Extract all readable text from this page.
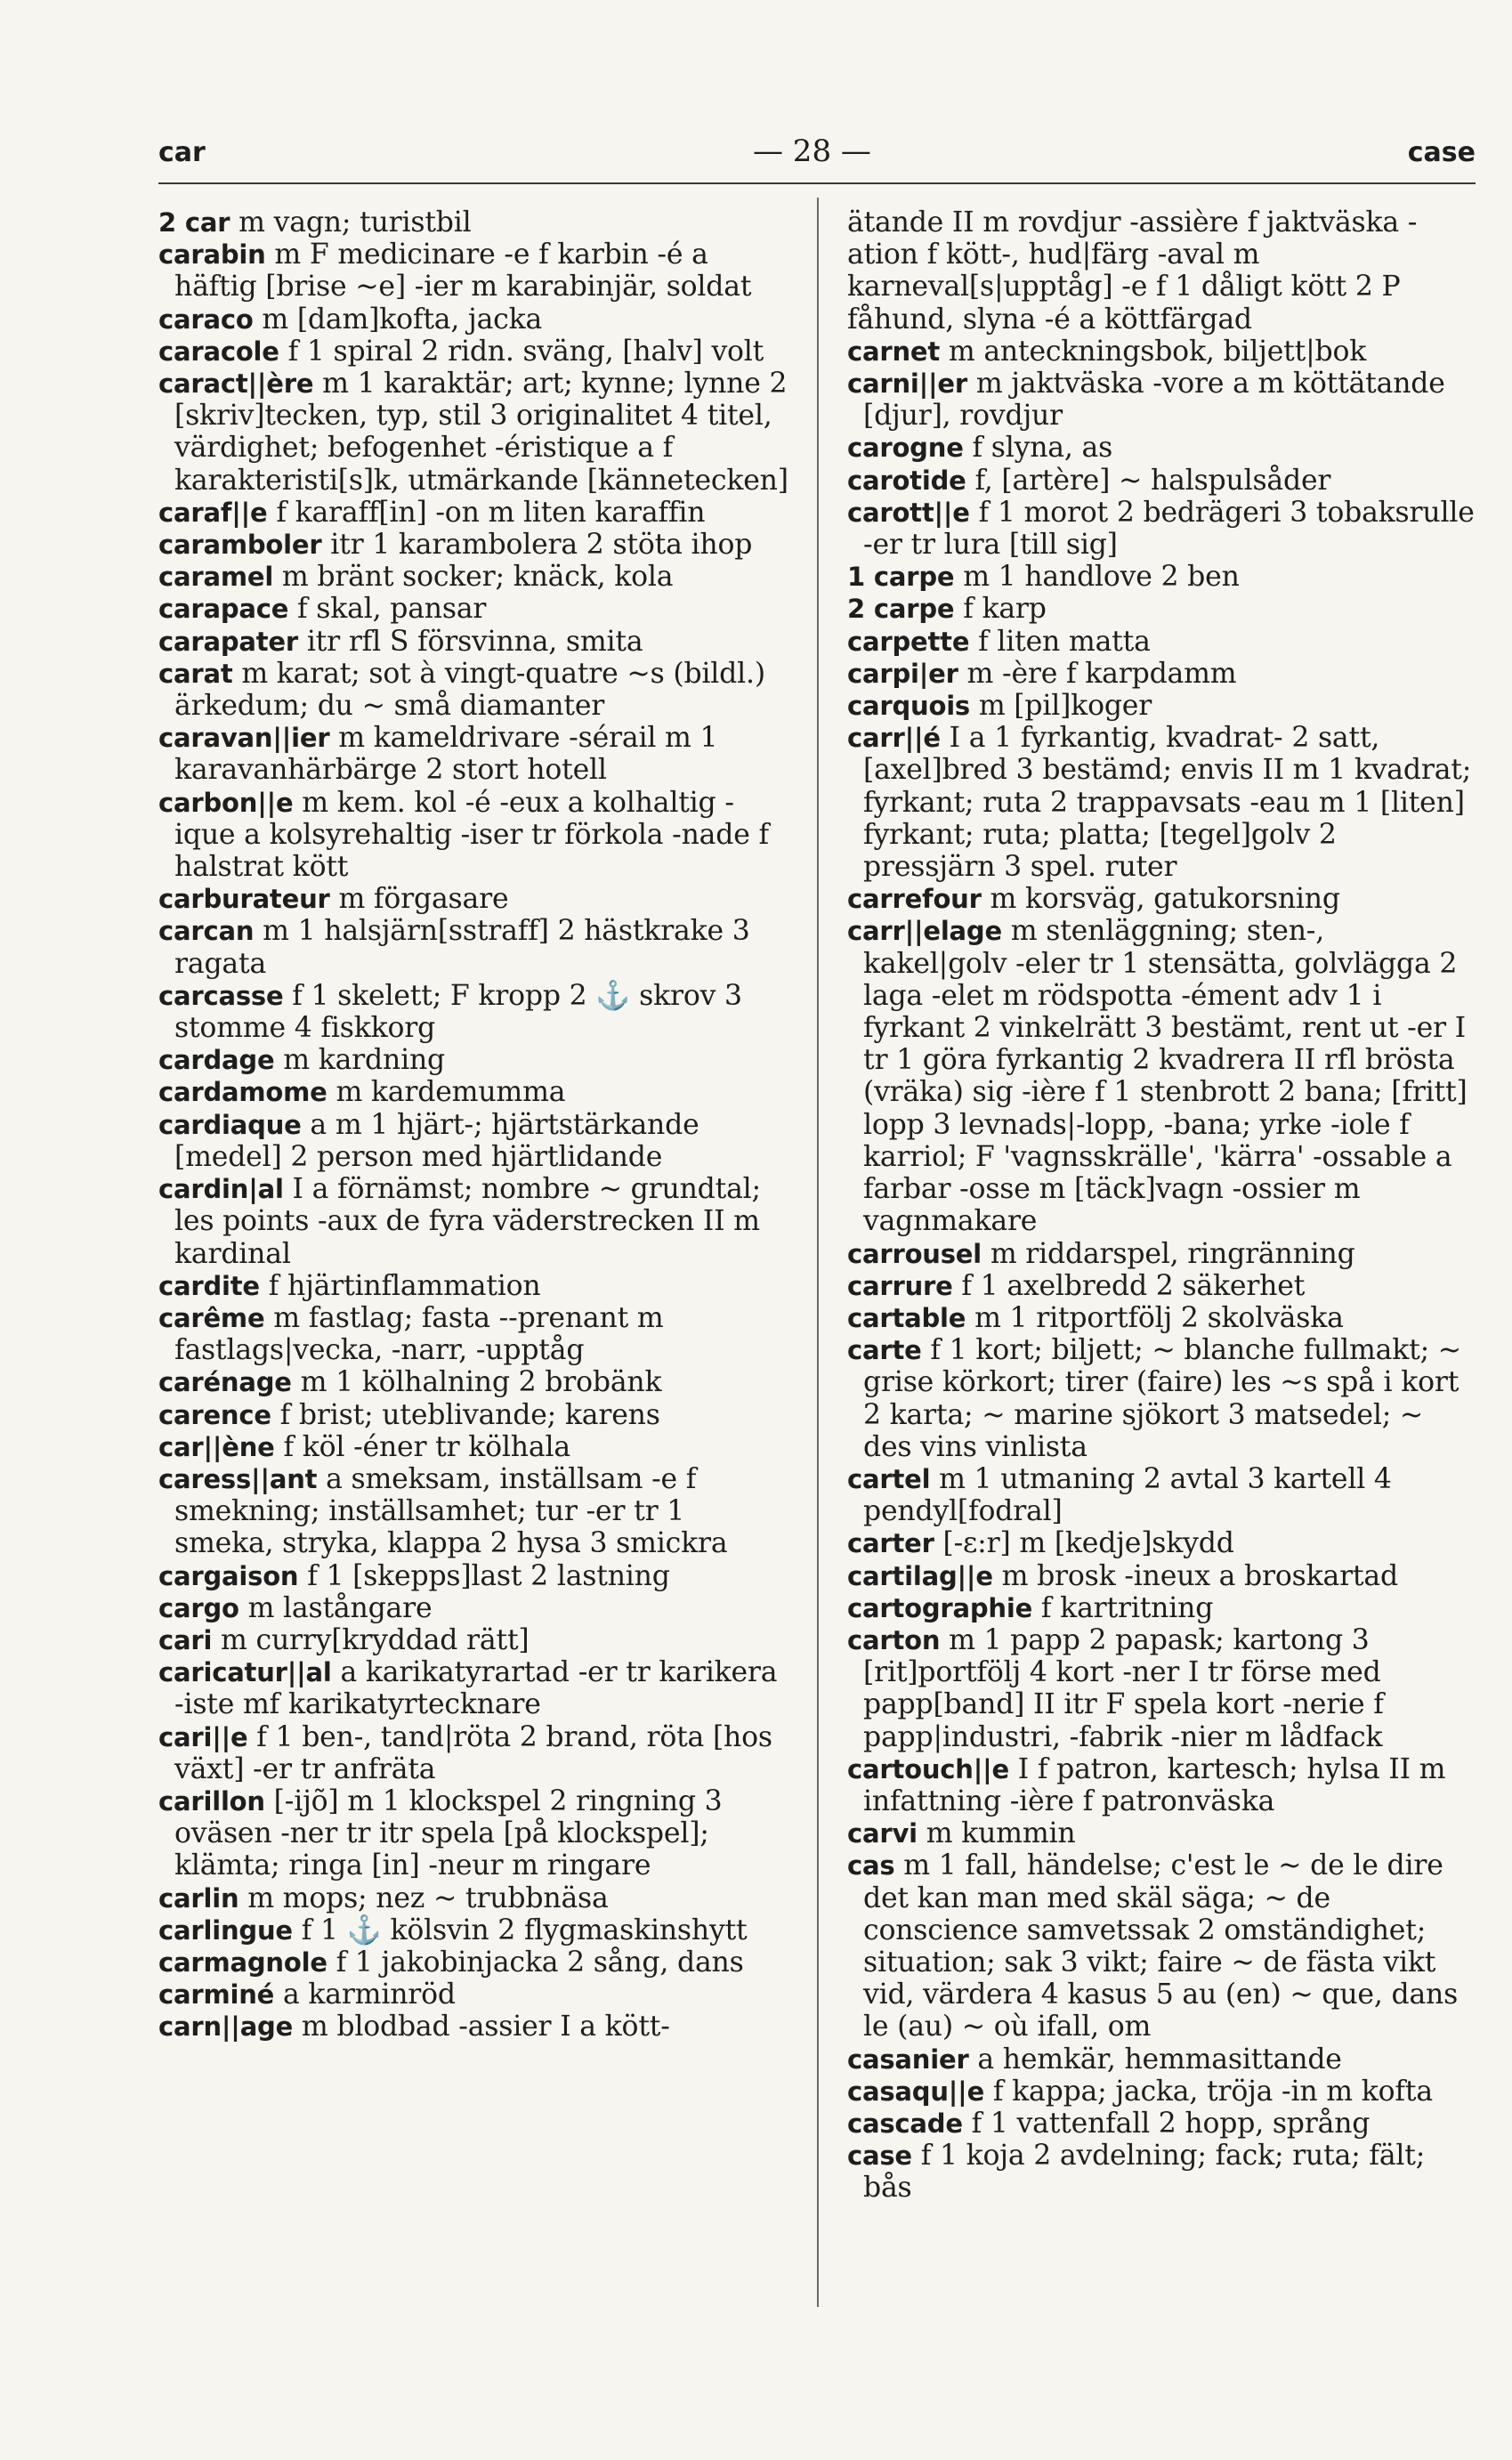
car	— 28 —	case

2 car m vagn; turistbil

carabin m F medicinare -e f karbin -é a häftig [brise ~e] -ier m karabinjär, soldat

caraco m [dam]kofta, jacka

caracole f 1 spiral 2 ridn. sväng, [halv] volt

caract||ère m 1 karaktär; art; kynne; lynne 2 [skriv]tecken, typ, stil 3 originalitet 4 titel, värdighet; befogenhet -éristique a f karakteristi[s]k, utmärkande [kännetecken]

caraf||e f karaff[in] -on m liten karaffin

caramboler itr 1 karambolera 2 stöta ihop

caramel m bränt socker; knäck, kola

carapace f skal, pansar

carapater itr rfl S försvinna, smita

carat m karat; sot à vingt-quatre ~s (bildl.) ärkedum; du ~ små diamanter

caravan||ier m kameldrivare -sérail m 1 karavanhärbärge 2 stort hotell

carbon||e m kem. kol -é -eux a kolhaltig -ique a kolsyrehaltig -iser tr förkola -nade f halstrat kött

carburateur m förgasare

carcan m 1 halsjärn[sstraff] 2 hästkrake 3 ragata

carcasse f 1 skelett; F kropp 2 ⚓ skrov 3 stomme 4 fiskkorg

cardage m kardning

cardamome m kardemumma

cardiaque a m 1 hjärt-; hjärtstärkande [medel] 2 person med hjärtlidande

cardin|al I a förnämst; nombre ~ grundtal; les points -aux de fyra väderstrecken II m kardinal

cardite f hjärtinflammation

carême m fastlag; fasta --prenant m fastlags|vecka, -narr, -upptåg

carénage m 1 kölhalning 2 brobänk

carence f brist; uteblivande; karens

car||ène f köl -éner tr kölhala

caress||ant a smeksam, inställsam -e f smekning; inställsamhet; tur -er tr 1 smeka, stryka, klappa 2 hysa 3 smickra

cargaison f 1 [skepps]last 2 lastning

cargo m lastångare

cari m curry[kryddad rätt]

caricatur||al a karikatyrartad -er tr karikera -iste mf karikatyrtecknare

cari||e f 1 ben-, tand|röta 2 brand, röta [hos växt] -er tr anfräta

carillon [-ijõ] m 1 klockspel 2 ringning 3 oväsen -ner tr itr spela [på klockspel]; klämta; ringa [in] -neur m ringare

carlin m mops; nez ~ trubbnäsa

carlingue f 1 ⚓ kölsvin 2 flygmaskinshytt

carmagnole f 1 jakobinjacka 2 sång, dans

carminé a karminröd

carn||age m blodbad -assier I a kött-

ätande II m rovdjur -assière f jaktväska -ation f kött-, hud|färg -aval m karneval[s|upptåg] -e f 1 dåligt kött 2 P fåhund, slyna -é a köttfärgad

carnet m anteckningsbok, biljett|bok

carni||er m jaktväska -vore a m köttätande [djur], rovdjur

carogne f slyna, as

carotide f, [artère] ~ halspulsåder

carott||e f 1 morot 2 bedrägeri 3 tobaksrulle -er tr lura [till sig]

1 carpe m 1 handlove 2 ben

2 carpe f karp

carpette f liten matta

carpi|er m -ère f karpdamm

carquois m [pil]koger

carr||é I a 1 fyrkantig, kvadrat- 2 satt, [axel]bred 3 bestämd; envis II m 1 kvadrat; fyrkant; ruta 2 trappavsats -eau m 1 [liten] fyrkant; ruta; platta; [tegel]golv 2 pressjärn 3 spel. ruter

carrefour m korsväg, gatukorsning

carr||elage m stenläggning; sten-, kakel|golv -eler tr 1 stensätta, golvlägga 2 laga -elet m rödspotta -ément adv 1 i fyrkant 2 vinkelrätt 3 bestämt, rent ut -er I tr 1 göra fyrkantig 2 kvadrera II rfl brösta (vräka) sig -ière f 1 stenbrott 2 bana; [fritt] lopp 3 levnads|-lopp, -bana; yrke -iole f karriol; F 'vagnsskrälle', 'kärra' -ossable a farbar -osse m [täck]vagn -ossier m vagnmakare

carrousel m riddarspel, ringränning

carrure f 1 axelbredd 2 säkerhet

cartable m 1 ritportfölj 2 skolväska

carte f 1 kort; biljett; ~ blanche fullmakt; ~ grise körkort; tirer (faire) les ~s spå i kort 2 karta; ~ marine sjökort 3 matsedel; ~ des vins vinlista

cartel m 1 utmaning 2 avtal 3 kartell 4 pendyl[fodral]

carter [-ɛ:r] m [kedje]skydd

cartilag||e m brosk -ineux a broskartad

cartographie f kartritning

carton m 1 papp 2 papask; kartong 3 [rit]portfölj 4 kort -ner I tr förse med papp[band] II itr F spela kort -nerie f papp|industri, -fabrik -nier m lådfack

cartouch||e I f patron, kartesch; hylsa II m infattning -ière f patronväska

carvi m kummin

cas m 1 fall, händelse; c'est le ~ de le dire det kan man med skäl säga; ~ de conscience samvetssak 2 omständighet; situation; sak 3 vikt; faire ~ de fästa vikt vid, värdera 4 kasus 5 au (en) ~ que, dans le (au) ~ où ifall, om

casanier a hemkär, hemmasittande

casaqu||e f kappa; jacka, tröja -in m kofta

cascade f 1 vattenfall 2 hopp, språng

case f 1 koja 2 avdelning; fack; ruta; fält; bås
